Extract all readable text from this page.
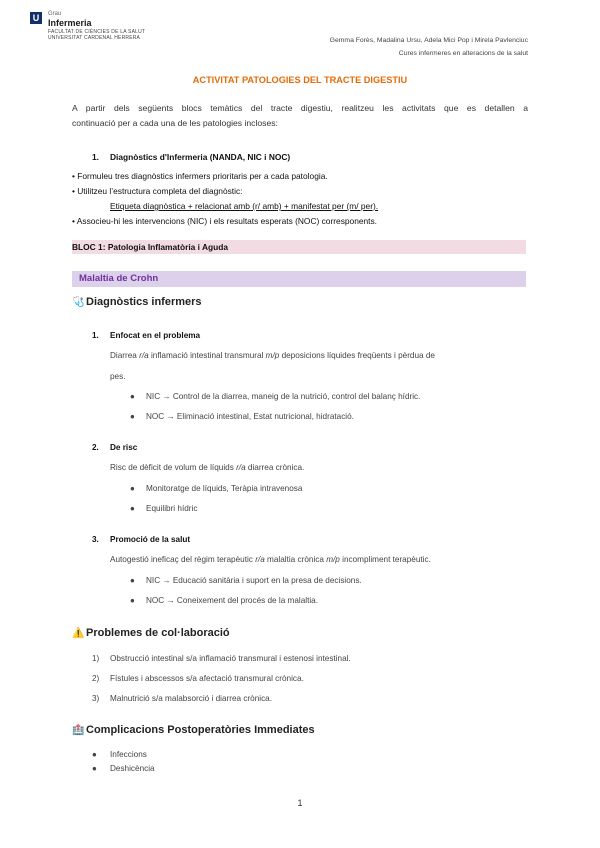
U	Grau
Infermeria
FACULTAT DE CIÈNCIES DE LA SALUT
UNIVERSITAT CARDENAL HERRERA	Gemma Forès, Madalina Ursu, Adela Mici Pop i Mirela Pavlenciuc
Cures infermeres en alteracions de la salut
ACTIVITAT PATOLOGIES DEL TRACTE DIGESTIU
A partir dels següents blocs temàtics del tracte digestiu, realitzeu les activitats que es detallen a
continuació per a cada una de les patologies incloses:
1. Diagnòstics d'Infermeria (NANDA, NIC i NOC)
• Formuleu tres diagnòstics infermers prioritaris per a cada patologia.
• Utilitzeu l’estructura completa del diagnòstic:
Etiqueta diagnòstica + relacionat amb (r/ amb) + manifestat per (m/ per).
• Associeu-hi les intervencions (NIC) i els resultats esperats (NOC) corresponents.
BLOC 1: Patologia Inflamatòria i Aguda
Malaltia de Crohn
🩺 Diagnòstics infermers
1. Enfocat en el problema
Diarrea r/a inflamació intestinal transmural m/p deposicions líquides freqüents i pèrdua de
pes.
● NIC → Control de la diarrea, maneig de la nutrició, control del balanç hídric.
● NOC → Eliminació intestinal, Estat nutricional, hidratació.
2. De risc
Risc de dèficit de volum de líquids r/a diarrea crònica.
● Monitoratge de líquids, Teràpia intravenosa
● Equilibri hídric
3. Promoció de la salut
Autogestió ineficaç del règim terapèutic r/a malaltia crònica m/p incompliment terapèutic.
● NIC → Educació sanitària i suport en la presa de decisions.
● NOC → Coneixement del procés de la malaltia.
⚠️ Problemes de col·laboració
1) Obstrucció intestinal s/a inflamació transmural i estenosi intestinal.
2) Fístules i abscessos s/a afectació transmural crònica.
3) Malnutrició s/a malabsorció i diarrea crònica.
🏥 Complicacions Postoperatòries Immediates
● Infeccions
● Deshicència
1
